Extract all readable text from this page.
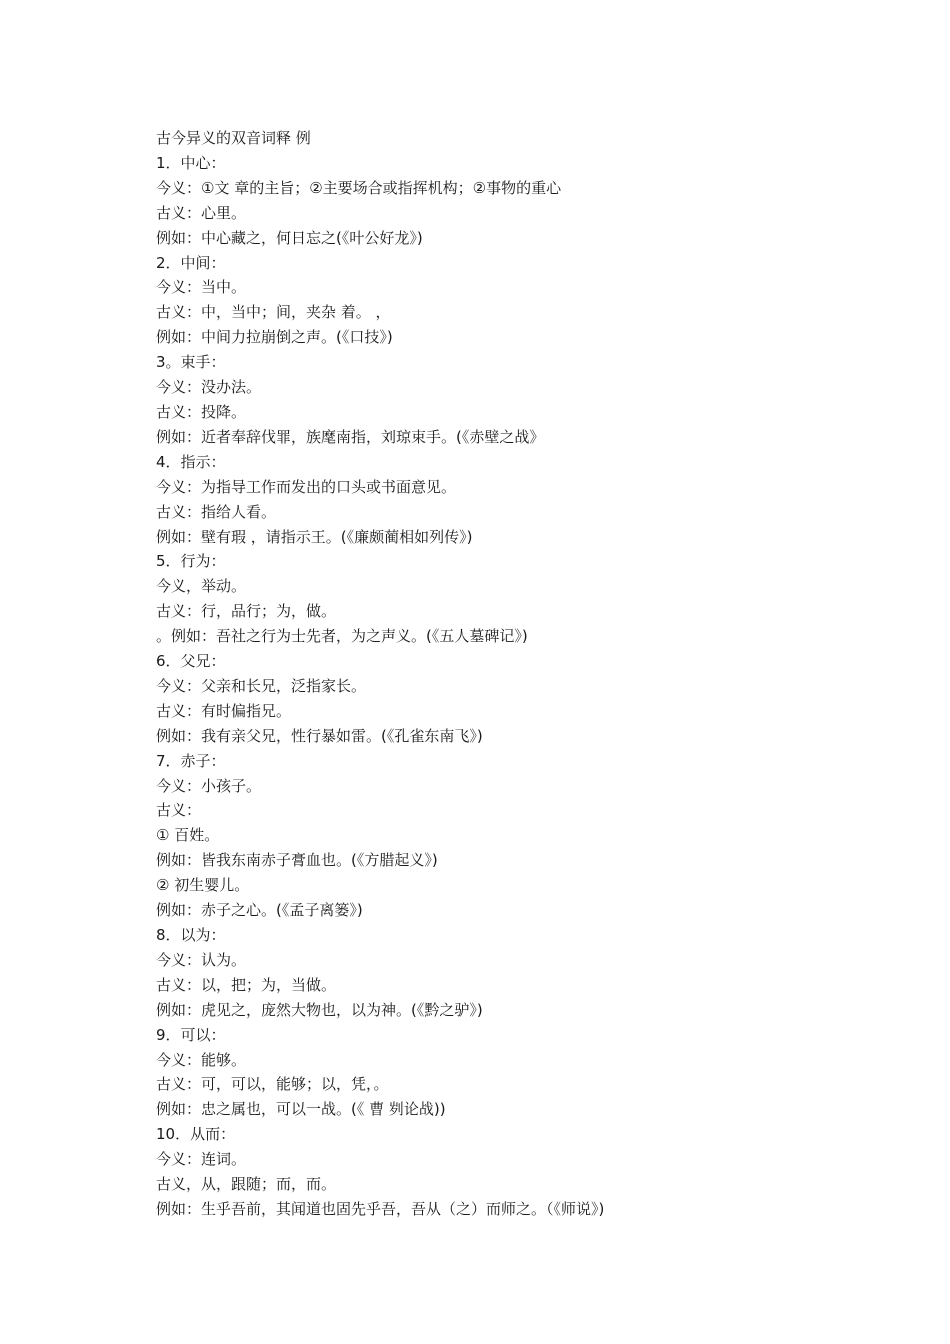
古今异义的双音词释 例

1．中心：

今义：①文 章的主旨；②主要场合或指挥机构；②事物的重心

古义：心里。

例如：中心藏之，何日忘之(《叶公好龙》)

2．中间：

今义：当中。

古义：中，当中；间，夹杂 着。 ，

例如：中间力拉崩倒之声。(《口技》)

3。束手：

今义：没办法。

古义：投降。

例如：近者奉辞伐罪，族麾南指，刘琼束手。(《赤壁之战》

4．指示：

今义：为指导工作而发出的口头或书面意见。

古义：指给人看。

例如：壁有瑕 ，请指示王。(《廉颇蔺相如列传》)

5．行为：

今义，举动。

古义：行，品行；为，做。

。例如：吾社之行为士先者，为之声义。(《五人墓碑记》)

6．父兄：

今义：父亲和长兄，泛指家长。

古义：有时偏指兄。

例如：我有亲父兄，性行暴如雷。(《孔雀东南飞》)

7．赤子：

今义：小孩子。

古义：

① 百姓。

例如：皆我东南赤子膏血也。(《方腊起义》)

② 初生婴儿。

例如：赤子之心。(《孟子离篓》)

8．以为：

今义：认为。

古义：以，把；为，当做。

例如：虎见之，庞然大物也，以为神。(《黔之驴》)

9．可以：

今义：能够。

古义：可，可以，能够；以，凭，。

例如：忠之属也，可以一战。(《 曹 刿论战))

10．从而：

今义：连词。

古义，从，跟随；而，而。

例如：生乎吾前，其闻道也固先乎吾，吾从（之）而师之。（《师说》)
